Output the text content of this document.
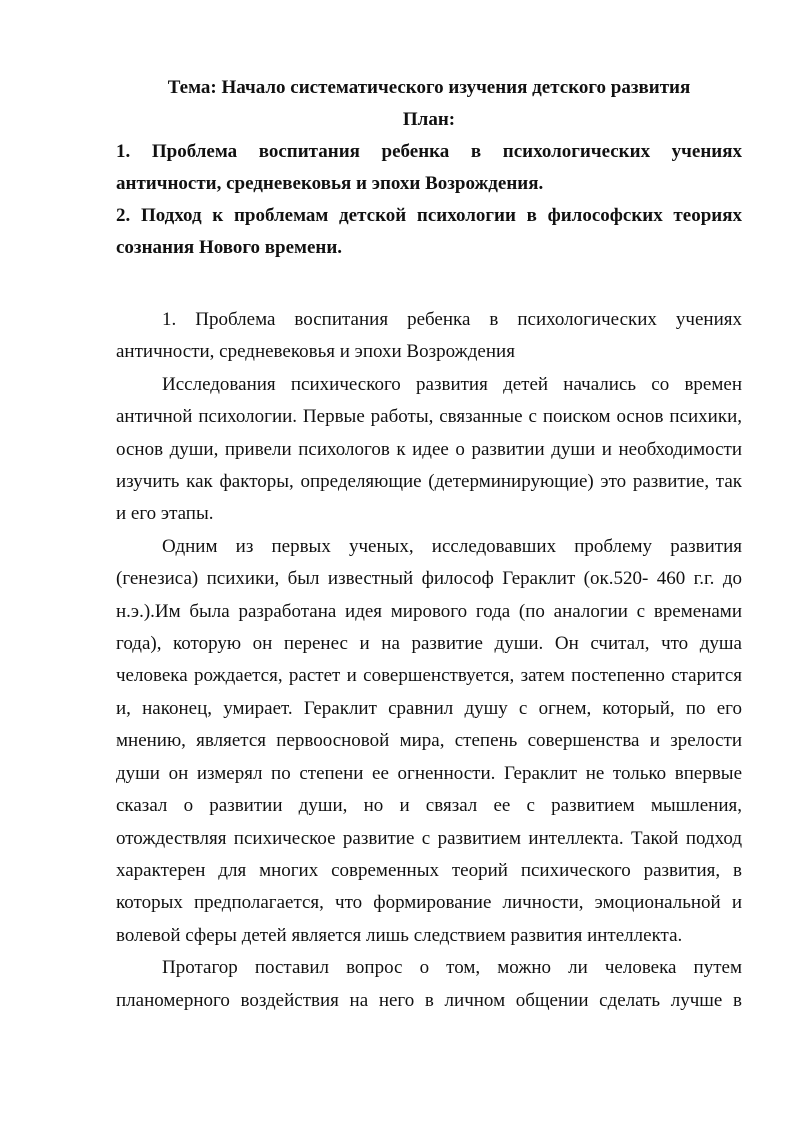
Тема: Начало систематического изучения детского развития

План:

1. Проблема воспитания ребенка в психологических учениях античности, средневековья и эпохи Возрождения.

2. Подход к проблемам детской психологии в философских теориях сознания Нового времени.

1. Проблема воспитания ребенка в психологических учениях античности, средневековья и эпохи Возрождения

Исследования психического развития детей начались со времен античной психологии. Первые работы, связанные с поиском основ психики, основ души, привели психологов к идее о развитии души и необходимости изучить как факторы, определяющие (детерминирующие) это развитие, так и его этапы.

Одним из первых ученых, исследовавших проблему развития (генезиса) психики, был известный философ Гераклит (ок.520- 460 г.г. до н.э.).Им была разработана идея мирового года (по аналогии с временами года), которую он перенес и на развитие души. Он считал, что душа человека рождается, растет и совершенствуется, затем постепенно старится и, наконец, умирает. Гераклит сравнил душу с огнем, который, по его мнению, является первоосновой мира, степень совершенства и зрелости души он измерял по степени ее огненности. Гераклит не только впервые сказал о развитии души, но и связал ее с развитием мышления, отождествляя психическое развитие с развитием интеллекта. Такой подход характерен для многих современных теорий психического развития, в которых предполагается, что формирование личности, эмоциональной и волевой сферы детей является лишь следствием развития интеллекта.

Протагор поставил вопрос о том, можно ли человека путем планомерного воздействия на него в личном общении сделать лучше в
